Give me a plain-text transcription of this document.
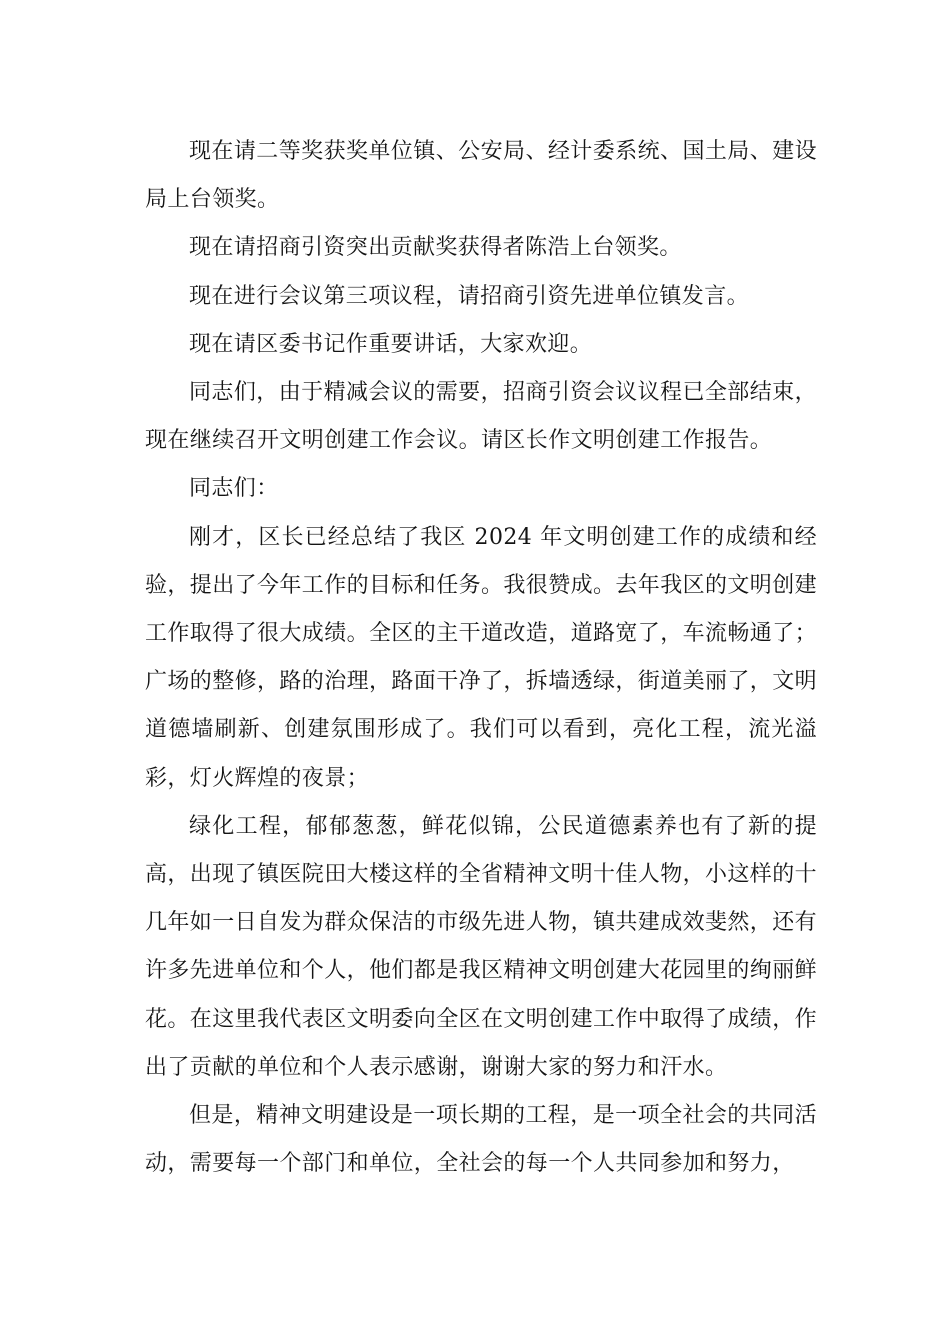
现在请二等奖获奖单位镇、公安局、经计委系统、国土局、建设局上台领奖。

现在请招商引资突出贡献奖获得者陈浩上台领奖。

现在进行会议第三项议程，请招商引资先进单位镇发言。

现在请区委书记作重要讲话，大家欢迎。

同志们，由于精减会议的需要，招商引资会议议程已全部结束，现在继续召开文明创建工作会议。请区长作文明创建工作报告。

同志们：

刚才，区长已经总结了我区 2024 年文明创建工作的成绩和经验，提出了今年工作的目标和任务。我很赞成。去年我区的文明创建工作取得了很大成绩。全区的主干道改造，道路宽了，车流畅通了；广场的整修，路的治理，路面干净了，拆墙透绿，街道美丽了，文明道德墙刷新、创建氛围形成了。我们可以看到，亮化工程，流光溢彩，灯火辉煌的夜景；

绿化工程，郁郁葱葱，鲜花似锦，公民道德素养也有了新的提高，出现了镇医院田大楼这样的全省精神文明十佳人物，小这样的十几年如一日自发为群众保洁的市级先进人物，镇共建成效斐然，还有许多先进单位和个人，他们都是我区精神文明创建大花园里的绚丽鲜花。在这里我代表区文明委向全区在文明创建工作中取得了成绩，作出了贡献的单位和个人表示感谢，谢谢大家的努力和汗水。

但是，精神文明建设是一项长期的工程，是一项全社会的共同活动，需要每一个部门和单位，全社会的每一个人共同参加和努力，
